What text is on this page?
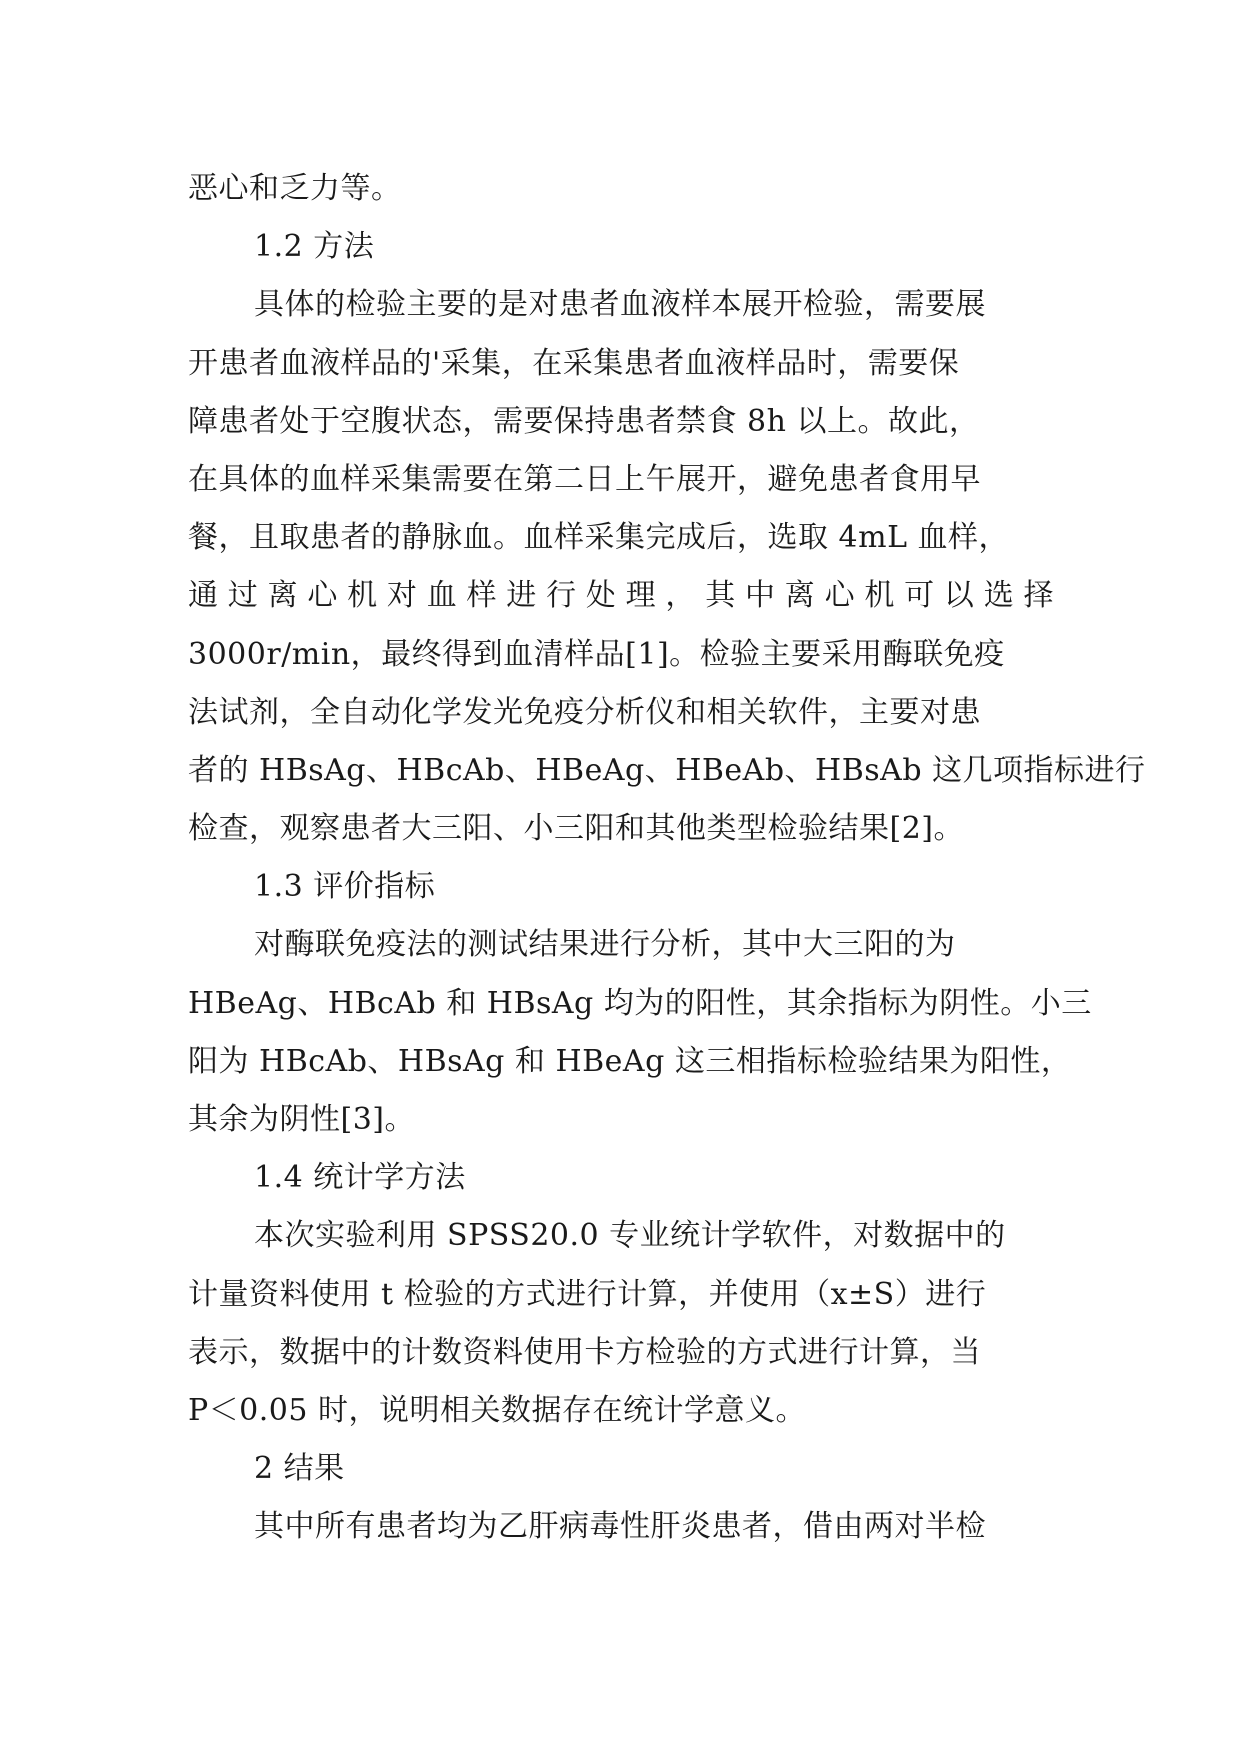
恶心和乏力等。
1.2 方法
具体的检验主要的是对患者血液样本展开检验，需要展
开患者血液样品的'采集，在采集患者血液样品时，需要保
障患者处于空腹状态，需要保持患者禁食 8h 以上。故此，
在具体的血样采集需要在第二日上午展开，避免患者食用早
餐，且取患者的静脉血。血样采集完成后，选取 4mL 血样，
通过离心机对血样进行处理，其中离心机可以选择
3000r/min，最终得到血清样品[1]。检验主要采用酶联免疫
法试剂，全自动化学发光免疫分析仪和相关软件，主要对患
者的 HBsAg、HBcAb、HBeAg、HBeAb、HBsAb 这几项指标进行
检查，观察患者大三阳、小三阳和其他类型检验结果[2]。
1.3 评价指标
对酶联免疫法的测试结果进行分析，其中大三阳的为
HBeAg、HBcAb 和 HBsAg 均为的阳性，其余指标为阴性。小三
阳为 HBcAb、HBsAg 和 HBeAg 这三相指标检验结果为阳性，
其余为阴性[3]。
1.4 统计学方法
本次实验利用 SPSS20.0 专业统计学软件，对数据中的
计量资料使用 t 检验的方式进行计算，并使用（x±S）进行
表示，数据中的计数资料使用卡方检验的方式进行计算，当
P＜0.05 时，说明相关数据存在统计学意义。
2 结果
其中所有患者均为乙肝病毒性肝炎患者，借由两对半检
